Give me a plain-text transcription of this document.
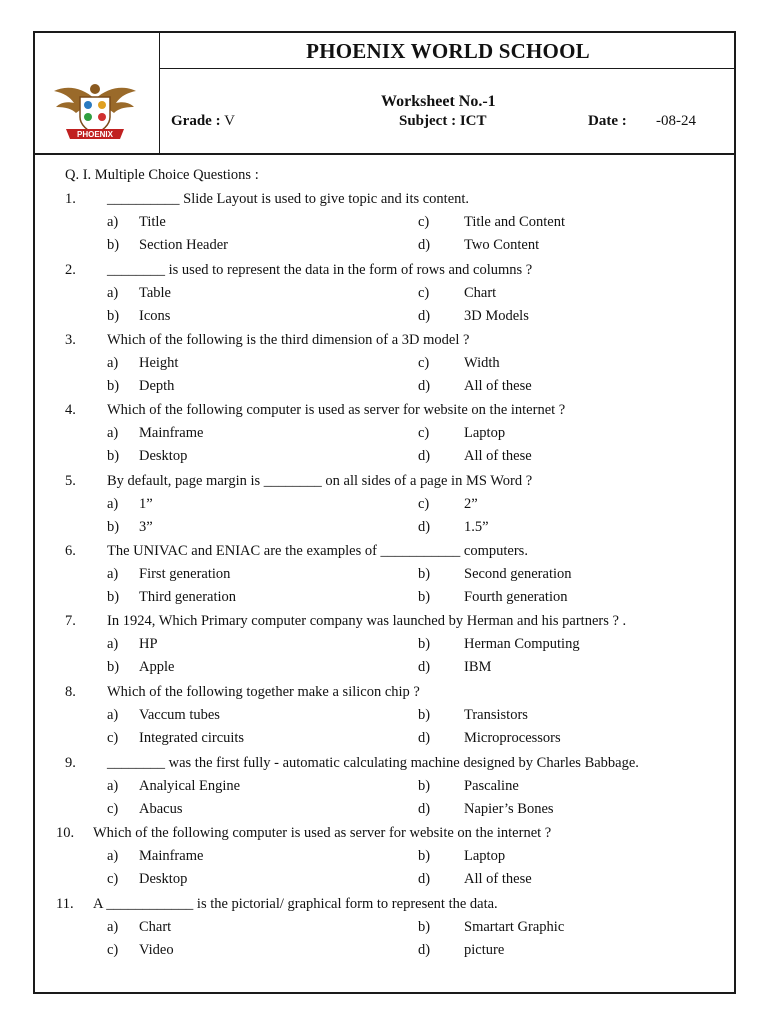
PHOENIX
PHOENIX WORLD SCHOOL
Worksheet No.-1
Grade : V	Subject : ICT	Date : -08-24
Q. I. Multiple Choice Questions :
1. __________ Slide Layout is used to give topic and its content.
a) Title	c) Title and Content
b) Section Header	d) Two Content
2. ________ is used to represent the data in the form of rows and columns ?
a) Table	c) Chart
b) Icons	d) 3D Models
3. Which of the following is the third dimension of a 3D model ?
a) Height	c) Width
b) Depth	d) All of these
4. Which of the following computer is used as server for website on the internet ?
a) Mainframe	c) Laptop
b) Desktop	d) All of these
5. By default, page margin is ________ on all sides of a page in MS Word ?
a) 1”	c) 2”
b) 3”	d) 1.5”
6. The UNIVAC and ENIAC are the examples of ___________ computers.
a) First generation	b) Second generation
b) Third generation	b) Fourth generation
7. In 1924, Which Primary computer company was launched by Herman and his partners ? .
a) HP	b) Herman Computing
b) Apple	d) IBM
8. Which of the following together make a silicon chip ?
a) Vaccum tubes	b) Transistors
c) Integrated circuits	d) Microprocessors
9. ________ was the first fully - automatic calculating machine designed by Charles Babbage.
a) Analyical Engine	b) Pascaline
c) Abacus	d) Napier’s Bones
10. Which of the following computer is used as server for website on the internet ?
a) Mainframe	b) Laptop
c) Desktop	d) All of these
11. A ____________ is the pictorial/ graphical form to represent the data.
a) Chart	b) Smartart Graphic
c) Video	d) picture
